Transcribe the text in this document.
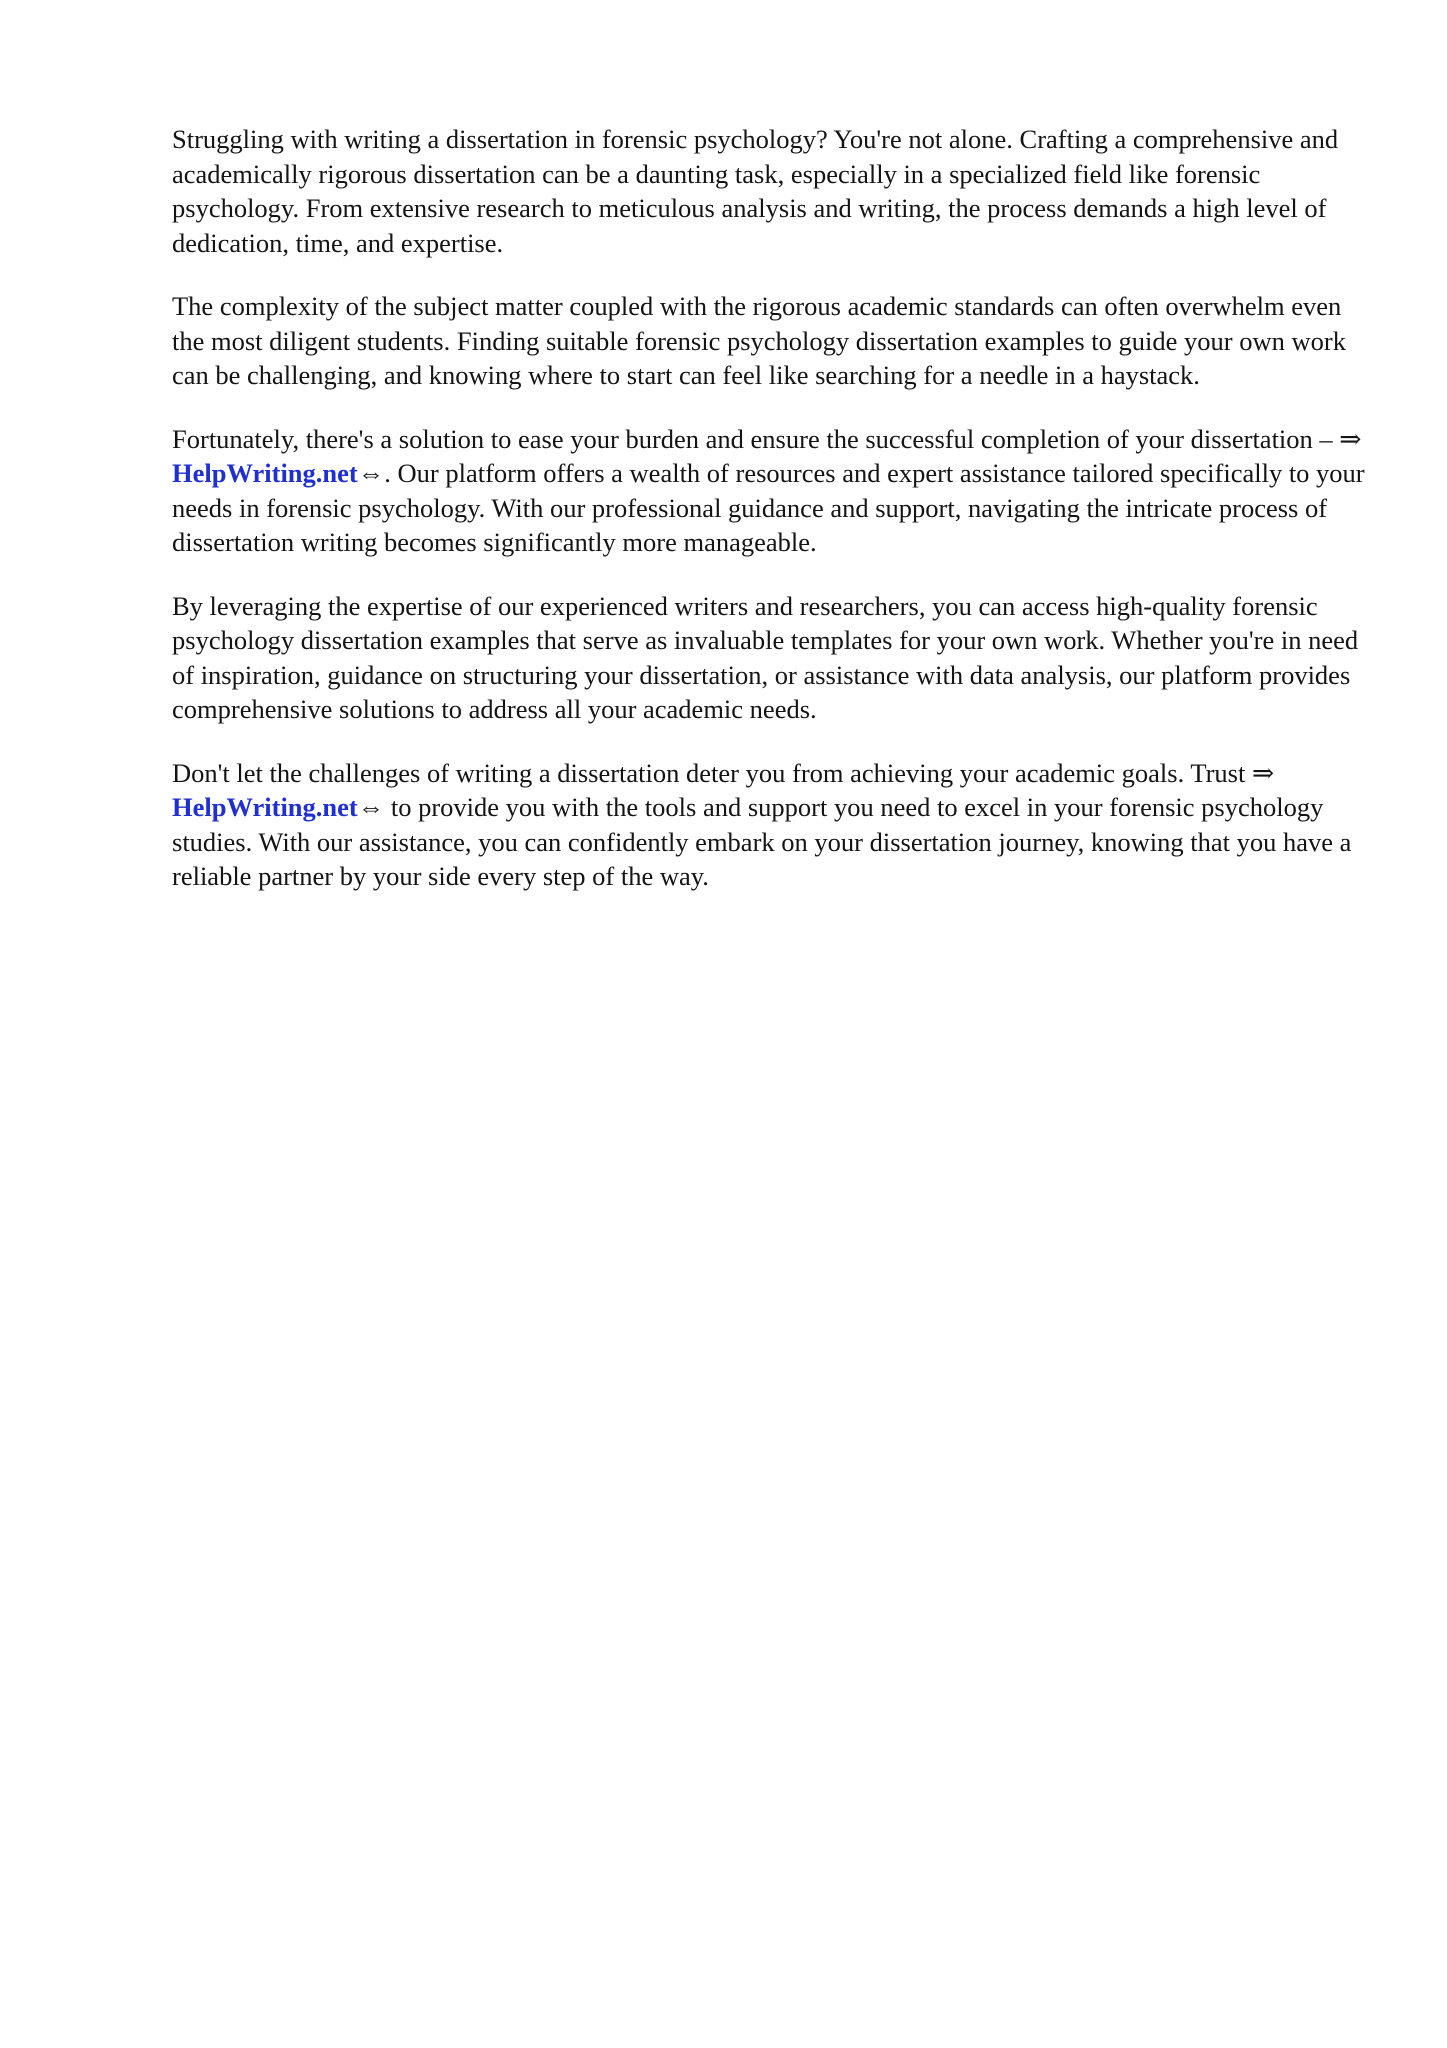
Struggling with writing a dissertation in forensic psychology? You're not alone. Crafting a comprehensive and academically rigorous dissertation can be a daunting task, especially in a specialized field like forensic psychology. From extensive research to meticulous analysis and writing, the process demands a high level of dedication, time, and expertise.

The complexity of the subject matter coupled with the rigorous academic standards can often overwhelm even the most diligent students. Finding suitable forensic psychology dissertation examples to guide your own work can be challenging, and knowing where to start can feel like searching for a needle in a haystack.

Fortunately, there's a solution to ease your burden and ensure the successful completion of your dissertation – ⇒ HelpWriting.net⇔. Our platform offers a wealth of resources and expert assistance tailored specifically to your needs in forensic psychology. With our professional guidance and support, navigating the intricate process of dissertation writing becomes significantly more manageable.

By leveraging the expertise of our experienced writers and researchers, you can access high-quality forensic psychology dissertation examples that serve as invaluable templates for your own work. Whether you're in need of inspiration, guidance on structuring your dissertation, or assistance with data analysis, our platform provides comprehensive solutions to address all your academic needs.

Don't let the challenges of writing a dissertation deter you from achieving your academic goals. Trust ⇒ HelpWriting.net⇔ to provide you with the tools and support you need to excel in your forensic psychology studies. With our assistance, you can confidently embark on your dissertation journey, knowing that you have a reliable partner by your side every step of the way.
